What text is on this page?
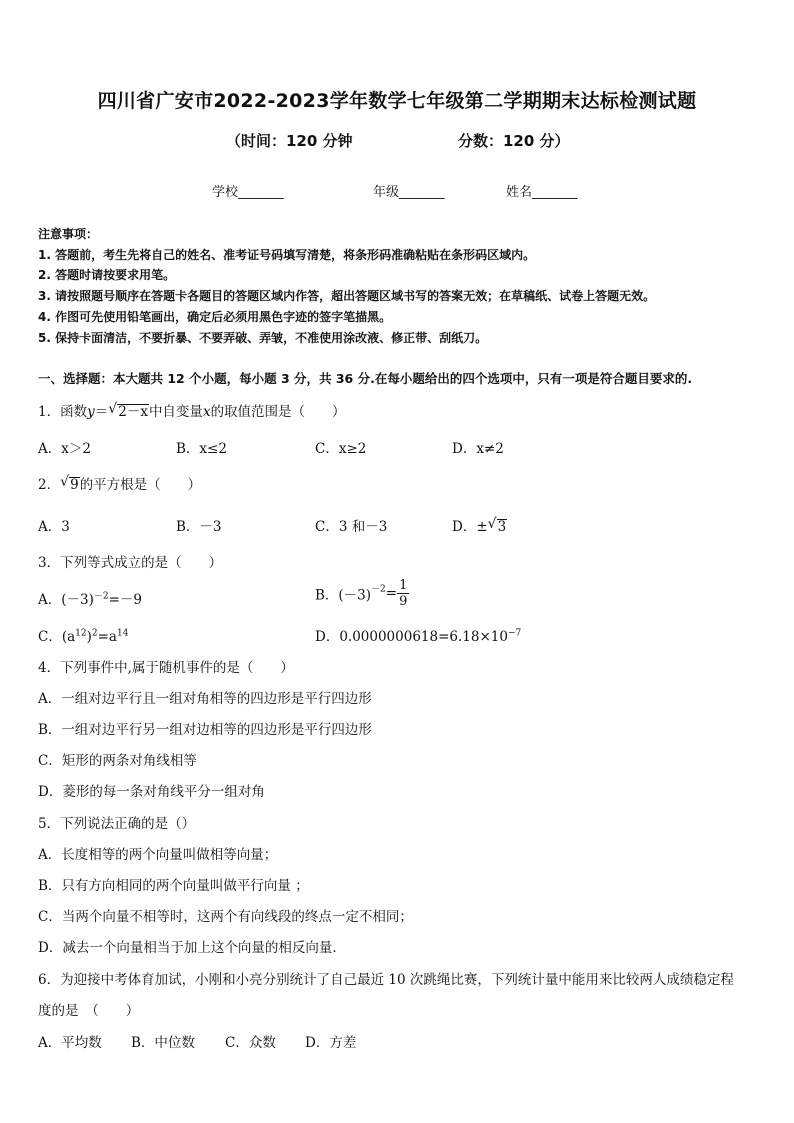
四川省广安市2022-2023学年数学七年级第二学期期末达标检测试题
（时间：120 分钟	分数：120 分）
学校_______	年级_______	姓名_______
注意事项：
1. 答题前，考生先将自己的姓名、准考证号码填写清楚，将条形码准确粘贴在条形码区域内。
2. 答题时请按要求用笔。
3. 请按照题号顺序在答题卡各题目的答题区域内作答，超出答题区域书写的答案无效；在草稿纸、试卷上答题无效。
4. 作图可先使用铅笔画出，确定后必须用黑色字迹的签字笔描黑。
5. 保持卡面清洁，不要折暴、不要弄破、弄皱，不准使用涂改液、修正带、刮纸刀。
一、选择题：本大题共 12 个小题，每小题 3 分，共 36 分.在每小题给出的四个选项中，只有一项是符合题目要求的.
1．函数y＝ √ 2－x中自变量x的取值范围是（　　）
A．x＞2	B．x≤2	C．x≥2	D．x≠2
2． √ 9的平方根是（　　）
A．3	B．－3	C．3 和－3	D．± √ 3
3．下列等式成立的是（　　）
A．$(-3)^{-2}=-9$	B．$(-3)^{-2}= \frac{1}{9}$
C．$(a^{12})^2=a^{14}$	D．$0.0000000618=6.18\times 10^{-7}$
4．下列事件中,属于随机事件的是（　　）
A．一组对边平行且一组对角相等的四边形是平行四边形
B．一组对边平行另一组对边相等的四边形是平行四边形
C．矩形的两条对角线相等
D．菱形的每一条对角线平分一组对角
5．下列说法正确的是（）
A．长度相等的两个向量叫做相等向量；
B．只有方向相同的两个向量叫做平行向量 ；
C．当两个向量不相等时，这两个有向线段的终点一定不相同；
D．减去一个向量相当于加上这个向量的相反向量.
6．为迎接中考体育加试，小刚和小亮分别统计了自己最近 10 次跳绳比赛，下列统计量中能用来比较两人成绩稳定程
度的是　（　　）
A．平均数 B．中位数 C．众数 D．方差
